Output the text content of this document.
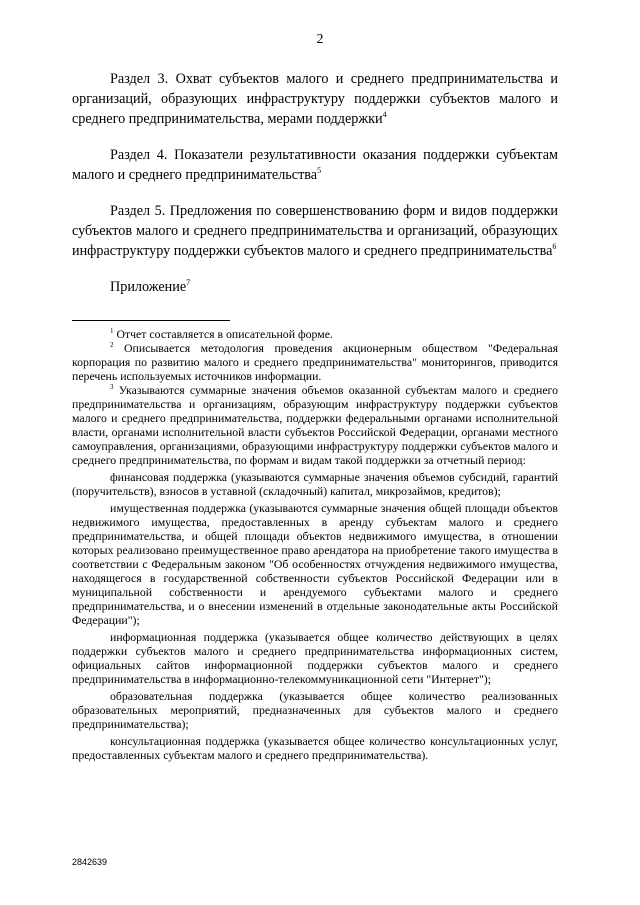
2

Раздел 3. Охват субъектов малого и среднего предпринимательства и организаций, образующих инфраструктуру поддержки субъектов малого и среднего предпринимательства, мерами поддержки$^4$

Раздел 4. Показатели результативности оказания поддержки субъектам малого и среднего предпринимательства$^5$

Раздел 5. Предложения по совершенствованию форм и видов поддержки субъектов малого и среднего предпринимательства и организаций, образующих инфраструктуру поддержки субъектов малого и среднего предпринимательства$^6$

Приложение$^7$

$^1$ Отчет составляется в описательной форме.

$^2$ Описывается методология проведения акционерным обществом "Федеральная корпорация по развитию малого и среднего предпринимательства" мониторингов, приводится перечень используемых источников информации.

$^3$ Указываются суммарные значения объемов оказанной субъектам малого и среднего предпринимательства и организациям, образующим инфраструктуру поддержки субъектов малого и среднего предпринимательства, поддержки федеральными органами исполнительной власти, органами исполнительной власти субъектов Российской Федерации, органами местного самоуправления, организациями, образующими инфраструктуру поддержки субъектов малого и среднего предпринимательства, по формам и видам такой поддержки за отчетный период:

финансовая поддержка (указываются суммарные значения объемов субсидий, гарантий (поручительств), взносов в уставной (складочный) капитал, микрозаймов, кредитов);

имущественная поддержка (указываются суммарные значения общей площади объектов недвижимого имущества, предоставленных в аренду субъектам малого и среднего предпринимательства, и общей площади объектов недвижимого имущества, в отношении которых реализовано преимущественное право арендатора на приобретение такого имущества в соответствии с Федеральным законом "Об особенностях отчуждения недвижимого имущества, находящегося в государственной собственности субъектов Российской Федерации или в муниципальной собственности и арендуемого субъектами малого и среднего предпринимательства, и о внесении изменений в отдельные законодательные акты Российской Федерации");

информационная поддержка (указывается общее количество действующих в целях поддержки субъектов малого и среднего предпринимательства информационных систем, официальных сайтов информационной поддержки субъектов малого и среднего предпринимательства в информационно-телекоммуникационной сети "Интернет");

образовательная поддержка (указывается общее количество реализованных образовательных мероприятий, предназначенных для субъектов малого и среднего предпринимательства);

консультационная поддержка (указывается общее количество консультационных услуг, предоставленных субъектам малого и среднего предпринимательства).

2842639
